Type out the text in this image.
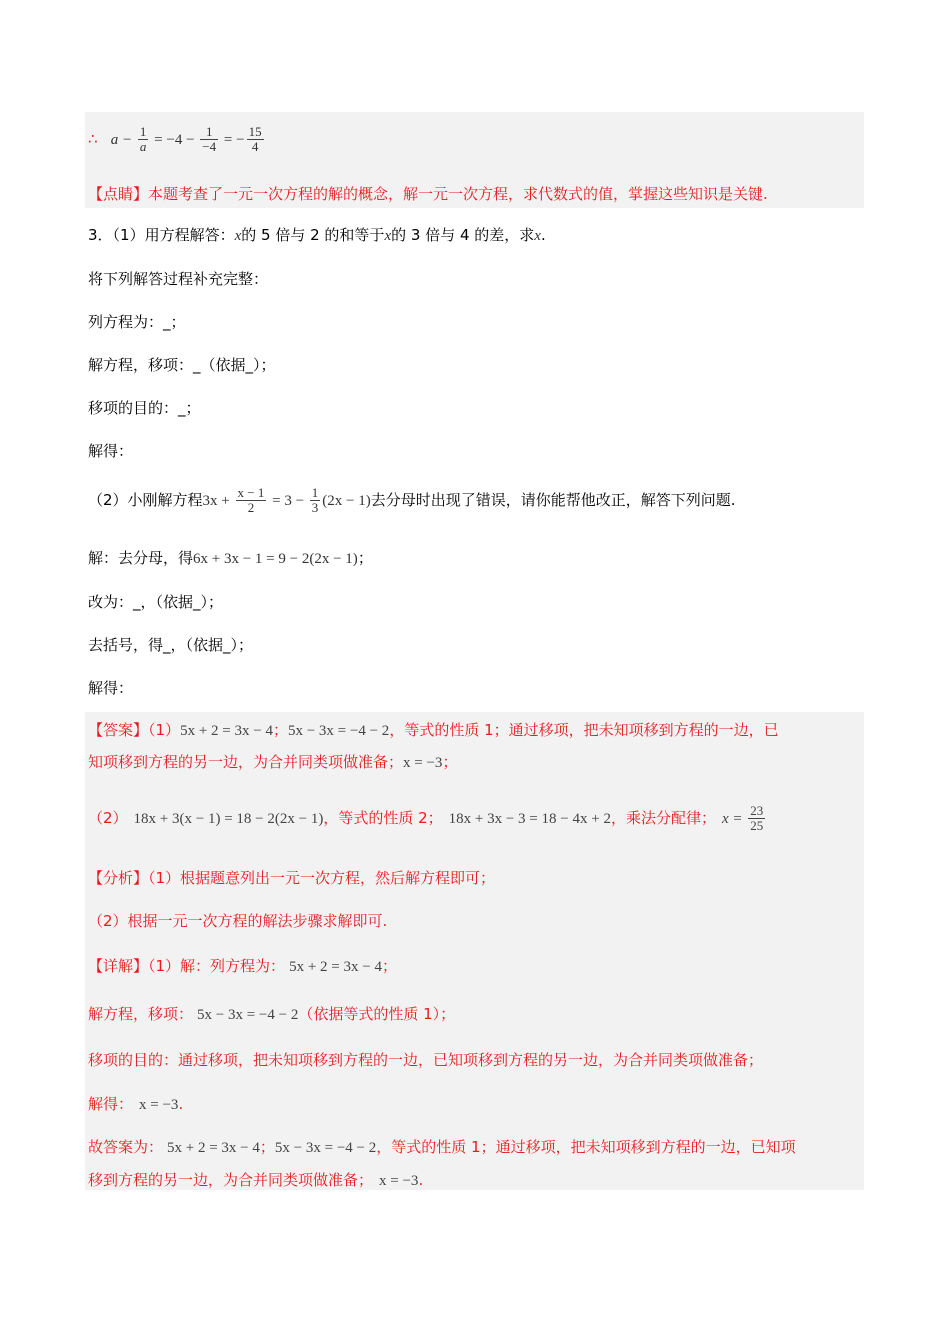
∴ $a - \frac{1}{a} = -4 - \frac{1}{-4}$ = − $\frac{15}{4}$
【点睛】本题考查了一元一次方程的解的概念，解一元一次方程，求代数式的值，掌握这些知识是关键.
3．（1）用方程解答：x的 5 倍与 2 的和等于x的 3 倍与 4 的差，求x.
将下列解答过程补充完整：
列方程为：_；
解方程，移项：_（依据_）；
移项的目的：_；
解得：
（2）小刚解方程$3x + \frac{x - 1}{2} = 3 - \frac{1}{3} (2x - 1)$去分母时出现了错误，请你能帮他改正，解答下列问题.
解：去分母，得6x + 3x − 1 = 9 − 2(2x − 1)；
改为：_，（依据_）；
去括号，得_，（依据_）；
解得：
【答案】（1）5x + 2 = 3x − 4；5x − 3x = −4 − 2，等式的性质 1；通过移项，把未知项移到方程的一边，已
知项移到方程的另一边，为合并同类项做准备；x = −3；
（2） 18x + 3(x − 1) = 18 − 2(2x − 1)，等式的性质 2； 18x + 3x − 3 = 18 − 4x + 2，乘法分配律； $x = \frac{23}{25}$
【分析】（1）根据题意列出一元一次方程，然后解方程即可；
（2）根据一元一次方程的解法步骤求解即可.
【详解】（1）解：列方程为： 5x + 2 = 3x − 4；
解方程，移项： 5x − 3x = −4 − 2（依据等式的性质 1）；
移项的目的：通过移项，把未知项移到方程的一边，已知项移到方程的另一边，为合并同类项做准备；
解得： x = −3.
故答案为： 5x + 2 = 3x − 4；5x − 3x = −4 − 2，等式的性质 1；通过移项，把未知项移到方程的一边，已知项
移到方程的另一边，为合并同类项做准备； x = −3.
